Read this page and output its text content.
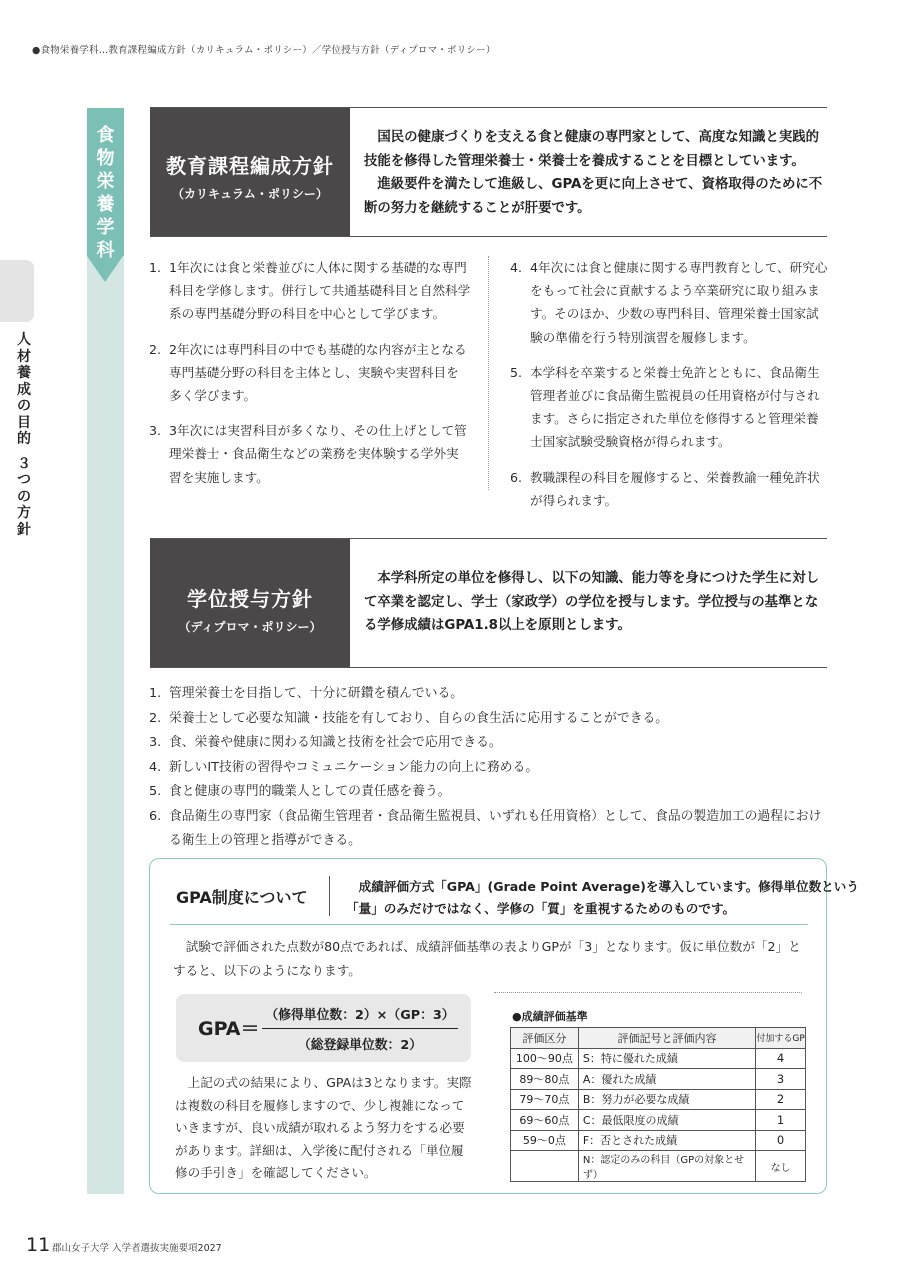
●食物栄養学科…教育課程編成方針（カリキュラム・ポリシー）／学位授与方針（ディプロマ・ポリシー）
人
材
養
成
の
目
的

３
つ
の
方
針
食
物
栄
養
学
科
教育課程編成方針
（カリキュラム・ポリシー）

国民の健康づくりを支える食と健康の専門家として、高度な知識と実践的技能を修得した管理栄養士・栄養士を養成することを目標としています。

進級要件を満たして進級し、GPAを更に向上させて、資格取得のために不断の努力を継続することが肝要です。

1. 1年次には食と栄養並びに人体に関する基礎的な専門科目を学修します。併行して共通基礎科目と自然科学系の専門基礎分野の科目を中心として学びます。
2. 2年次には専門科目の中でも基礎的な内容が主となる専門基礎分野の科目を主体とし、実験や実習科目を多く学びます。
3. 3年次には実習科目が多くなり、その仕上げとして管理栄養士・食品衛生などの業務を実体験する学外実習を実施します。
4. 4年次には食と健康に関する専門教育として、研究心をもって社会に貢献するよう卒業研究に取り組みます。そのほか、少数の専門科目、管理栄養士国家試験の準備を行う特別演習を履修します。
5. 本学科を卒業すると栄養士免許とともに、食品衛生管理者並びに食品衛生監視員の任用資格が付与されます。さらに指定された単位を修得すると管理栄養士国家試験受験資格が得られます。
6. 教職課程の科目を履修すると、栄養教諭一種免許状が得られます。
学位授与方針
（ディプロマ・ポリシー）
本学科所定の単位を修得し、以下の知識、能力等を身につけた学生に対して卒業を認定し、学士（家政学）の学位を授与します。学位授与の基準となる学修成績はGPA1.8以上を原則とします。
1. 管理栄養士を目指して、十分に研鑽を積んでいる。
2. 栄養士として必要な知識・技能を有しており、自らの食生活に応用することができる。
3. 食、栄養や健康に関わる知識と技術を社会で応用できる。
4. 新しいIT技術の習得やコミュニケーション能力の向上に務める。
5. 食と健康の専門的職業人としての責任感を養う。
6. 食品衛生の専門家（食品衛生管理者・食品衛生監視員、いずれも任用資格）として、食品の製造加工の過程における衛生上の管理と指導ができる。
GPA制度について
成績評価方式「GPA」(Grade Point Average)を導入しています。修得単位数という
「量」のみだけではなく、学修の「質」を重視するためのものです。
試験で評価された点数が80点であれば、成績評価基準の表よりGPが「3」となります。仮に単位数が「2」とすると、以下のようになります。
GPA＝
（修得単位数：2）×（GP：3）
（総登録単位数：2）
上記の式の結果により、GPAは3となります。実際は複数の科目を履修しますので、少し複雑になっていきますが、良い成績が取れるよう努力をする必要があります。詳細は、入学後に配付される「単位履修の手引き」を確認してください。
●成績評価基準
評価区分	評価記号と評価内容	付加するGP
100〜90点	S：特に優れた成績	4
89〜80点	A：優れた成績	3
79〜70点	B：努力が必要な成績	2
69〜60点	C：最低限度の成績	1
59〜0点	F：否とされた成績	0
	N：認定のみの科目（GPの対象とせず）	なし
11 郡山女子大学 入学者選抜実施要項2027
